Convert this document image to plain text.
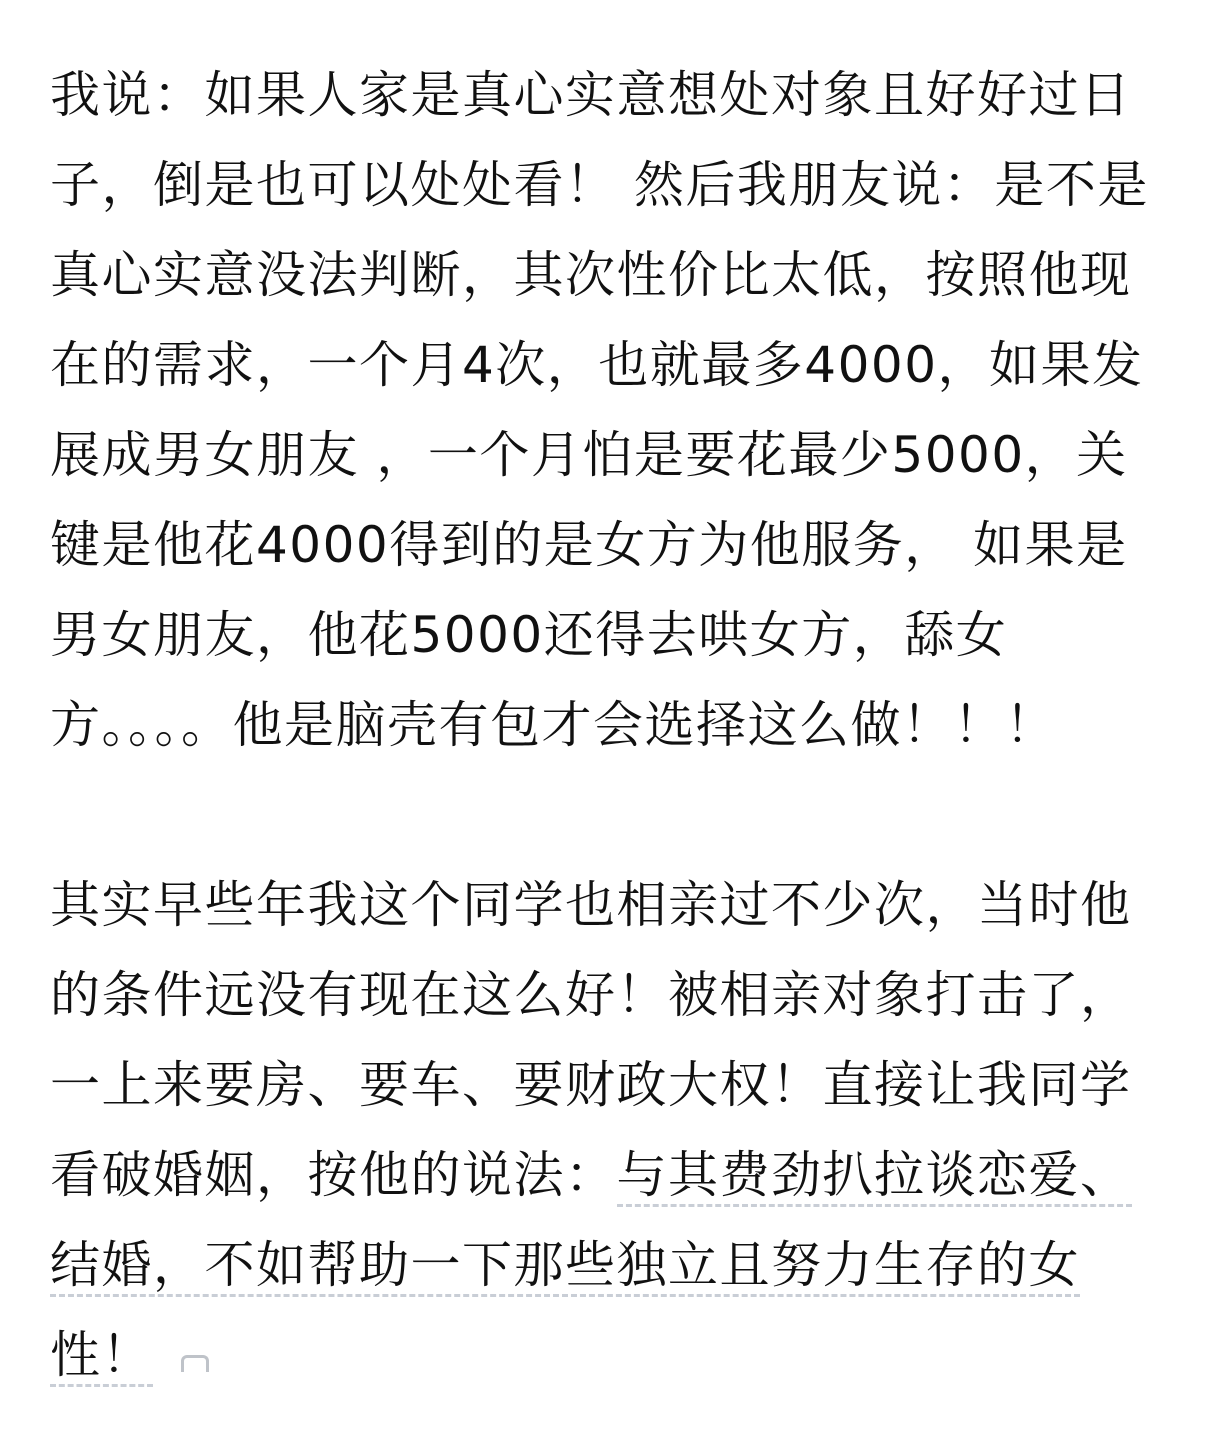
我说：如果人家是真心实意想处对象且好好过日子，倒是也可以处处看！ 然后我朋友说：是不是真心实意没法判断，其次性价比太低，按照他现在的需求，一个月4次，也就最多4000，如果发展成男女朋友 ，一个月怕是要花最少5000，关键是他花4000得到的是女方为他服务， 如果是男女朋友，他花5000还得去哄女方，舔女方。。。。他是脑壳有包才会选择这么做！！！

其实早些年我这个同学也相亲过不少次，当时他的条件远没有现在这么好！被相亲对象打击了，一上来要房、要车、要财政大权！直接让我同学看破婚姻，按他的说法：与其费劲扒拉谈恋爱、结婚，不如帮助一下那些独立且努力生存的女性！
